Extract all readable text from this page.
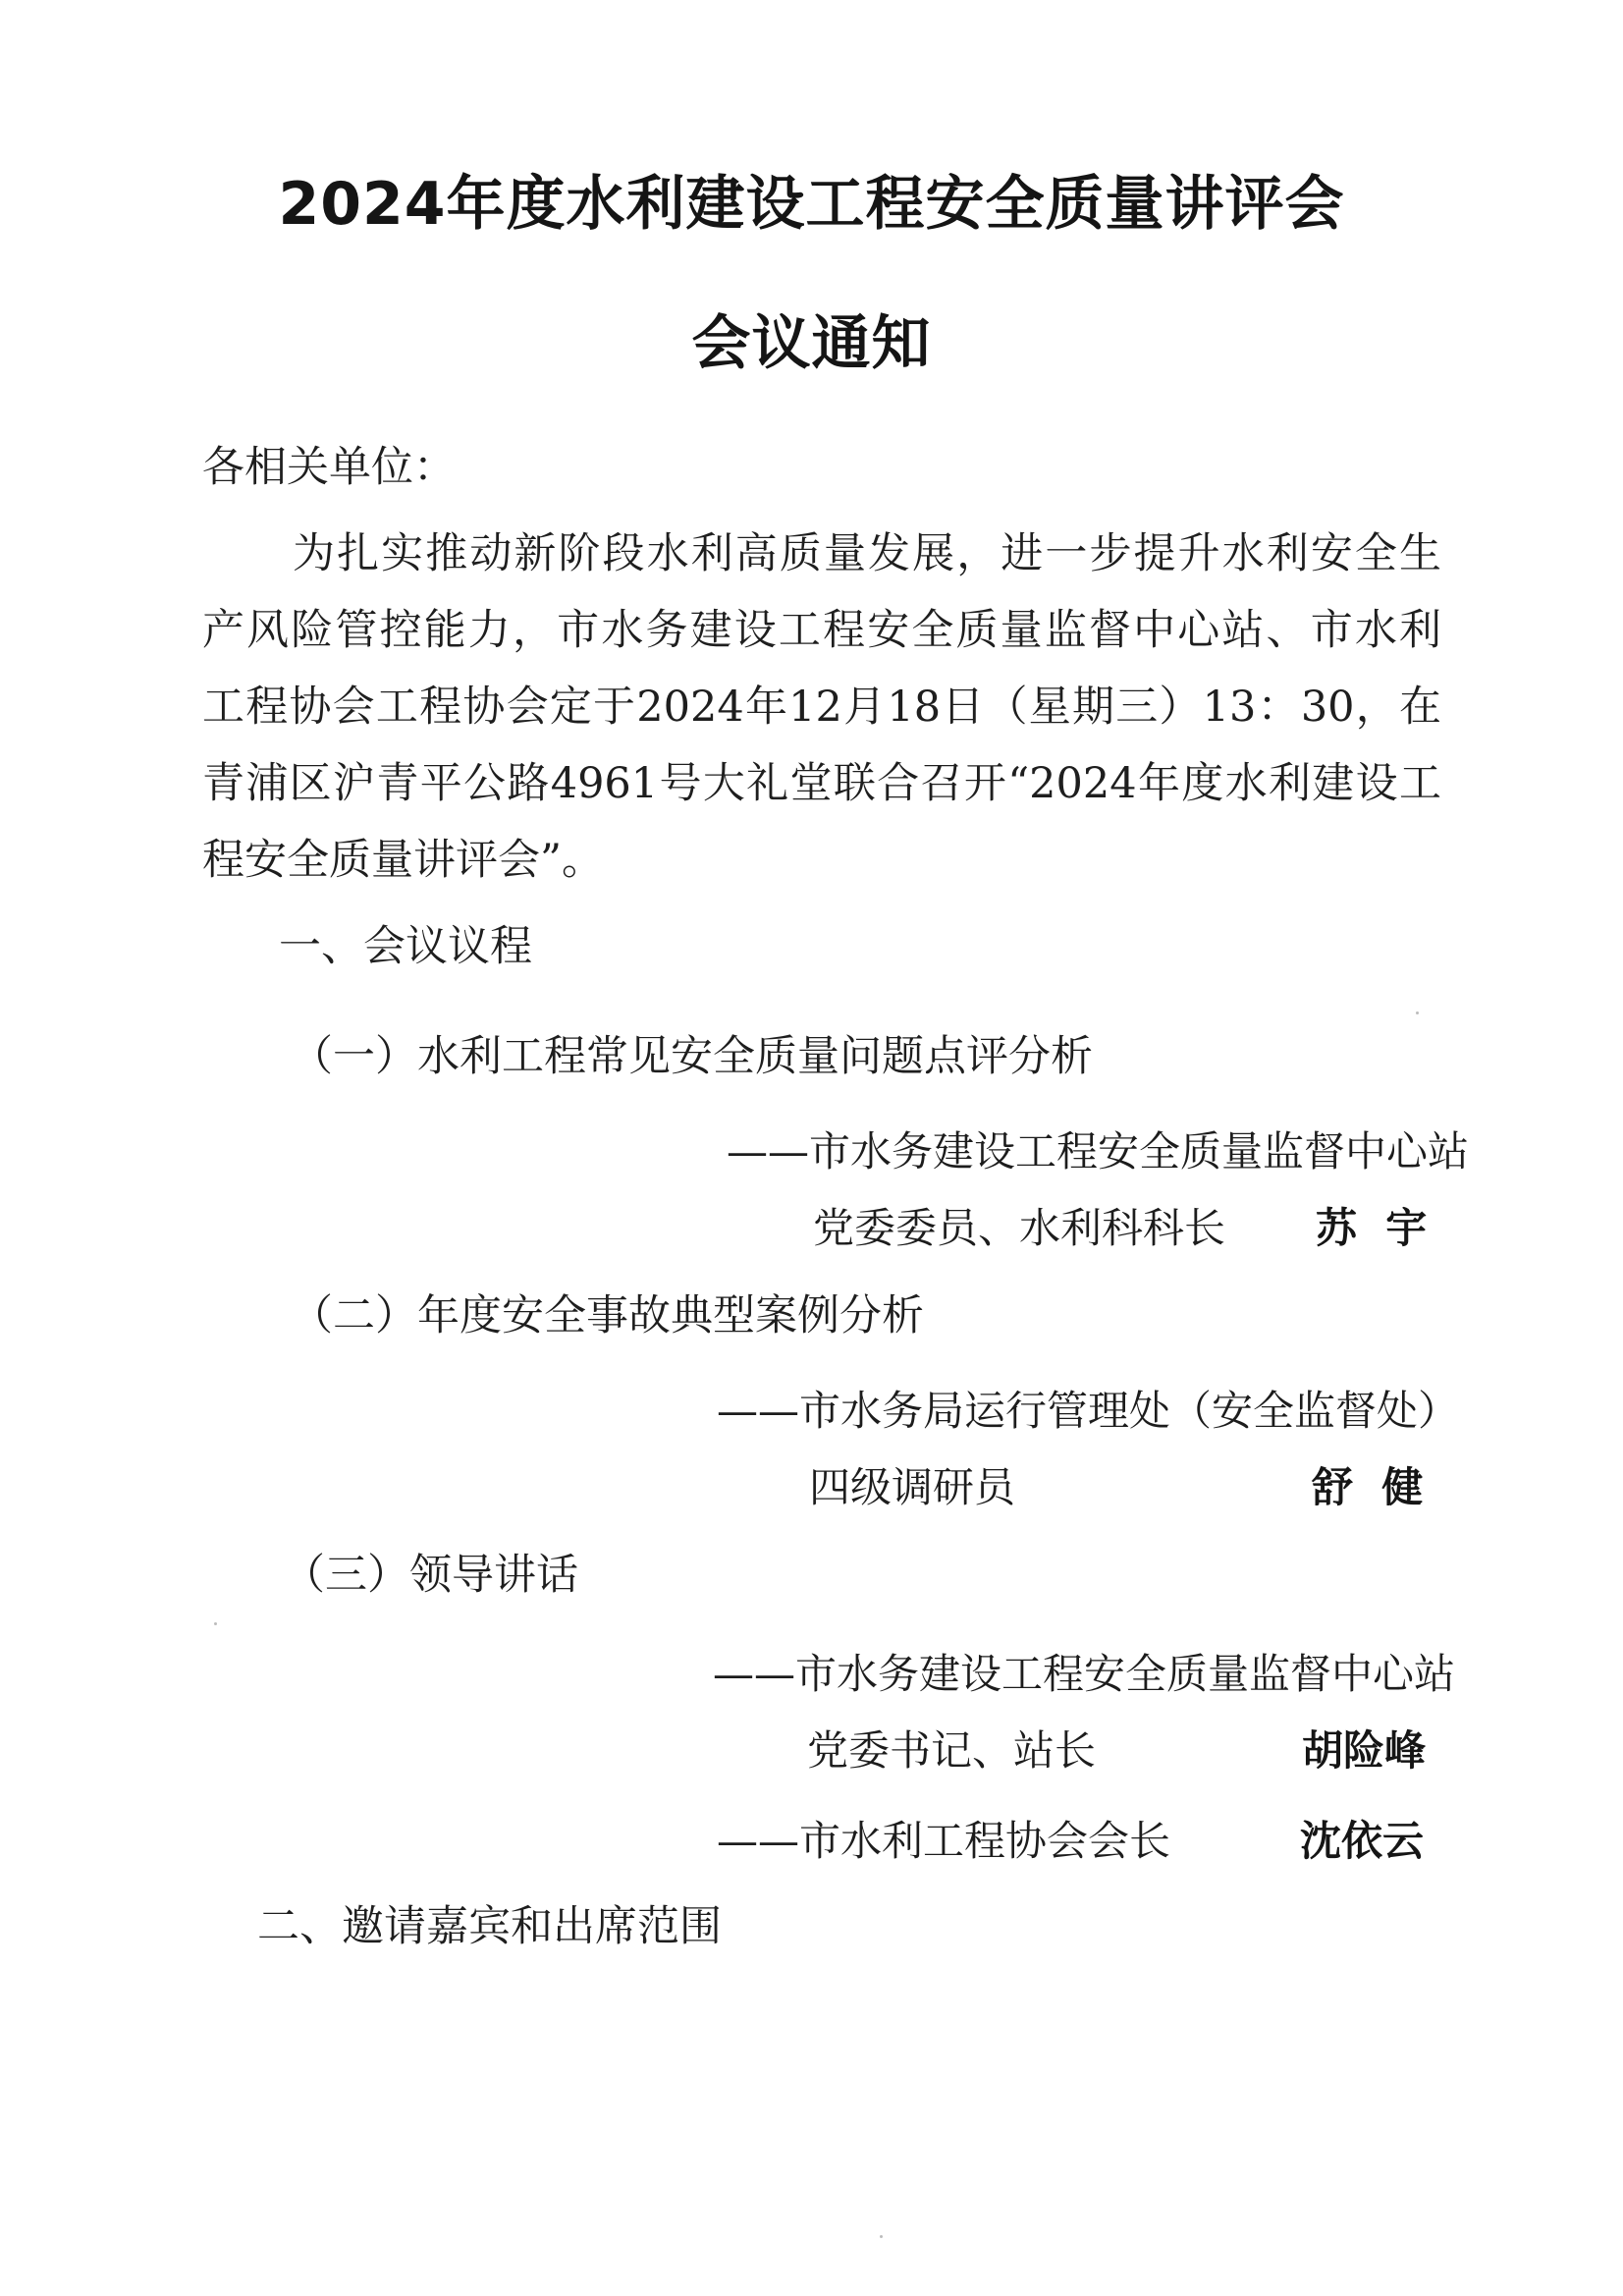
2024年度水利建设工程安全质量讲评会
会议通知
各相关单位：
为扎实推动新阶段水利高质量发展，进一步提升水利安全生
产风险管控能力，市水务建设工程安全质量监督中心站、市水利
工程协会工程协会定于2024年12月18日（星期三）13：30，在
青浦区沪青平公路4961号大礼堂联合召开“2024年度水利建设工
程安全质量讲评会”。
一、会议议程
（一）水利工程常见安全质量问题点评分析
——市水务建设工程安全质量监督中心站
党委委员、水利科科长 苏  宇
（二）年度安全事故典型案例分析
——市水务局运行管理处（安全监督处）
四级调研员	舒  健
（三）领导讲话
——市水务建设工程安全质量监督中心站
党委书记、站长	胡险峰
——市水利工程协会会长	沈依云
二、邀请嘉宾和出席范围
